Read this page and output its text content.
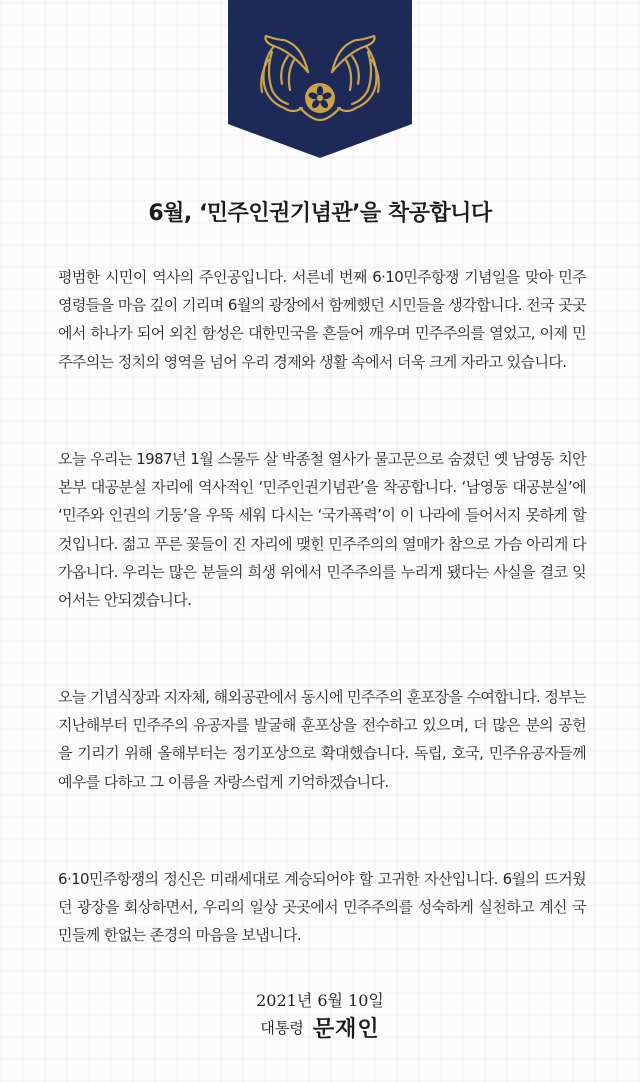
6월, ‘민주인권기념관’을 착공합니다

평범한 시민이 역사의 주인공입니다. 서른네 번째 6·10민주항쟁 기념일을 맞아 민주 영령들을 마음 깊이 기리며 6월의 광장에서 함께했던 시민들을 생각합니다. 전국 곳곳에서 하나가 되어 외친 함성은 대한민국을 흔들어 깨우며 민주주의를 열었고, 이제 민주주의는 정치의 영역을 넘어 우리 경제와 생활 속에서 더욱 크게 자라고 있습니다.

오늘 우리는 1987년 1월 스물두 살 박종철 열사가 물고문으로 숨졌던 옛 남영동 치안본부 대공분실 자리에 역사적인 ‘민주인권기념관’을 착공합니다. ‘남영동 대공분실’에 ‘민주와 인권의 기둥’을 우뚝 세워 다시는 ‘국가폭력’이 이 나라에 들어서지 못하게 할 것입니다. 젊고 푸른 꽃들이 진 자리에 맺힌 민주주의의 열매가 참으로 가슴 아리게 다가옵니다. 우리는 많은 분들의 희생 위에서 민주주의를 누리게 됐다는 사실을 결코 잊어서는 안되겠습니다.

오늘 기념식장과 지자체, 해외공관에서 동시에 민주주의 훈포장을 수여합니다. 정부는 지난해부터 민주주의 유공자를 발굴해 훈포상을 전수하고 있으며, 더 많은 분의 공헌을 기리기 위해 올해부터는 정기포상으로 확대했습니다. 독립, 호국, 민주유공자들께 예우를 다하고 그 이름을 자랑스럽게 기억하겠습니다.

6·10민주항쟁의 정신은 미래세대로 계승되어야 할 고귀한 자산입니다. 6월의 뜨거웠던 광장을 회상하면서, 우리의 일상 곳곳에서 민주주의를 성숙하게 실천하고 계신 국민들께 한없는 존경의 마음을 보냅니다.

2021년 6월 10일

대통령 문재인
